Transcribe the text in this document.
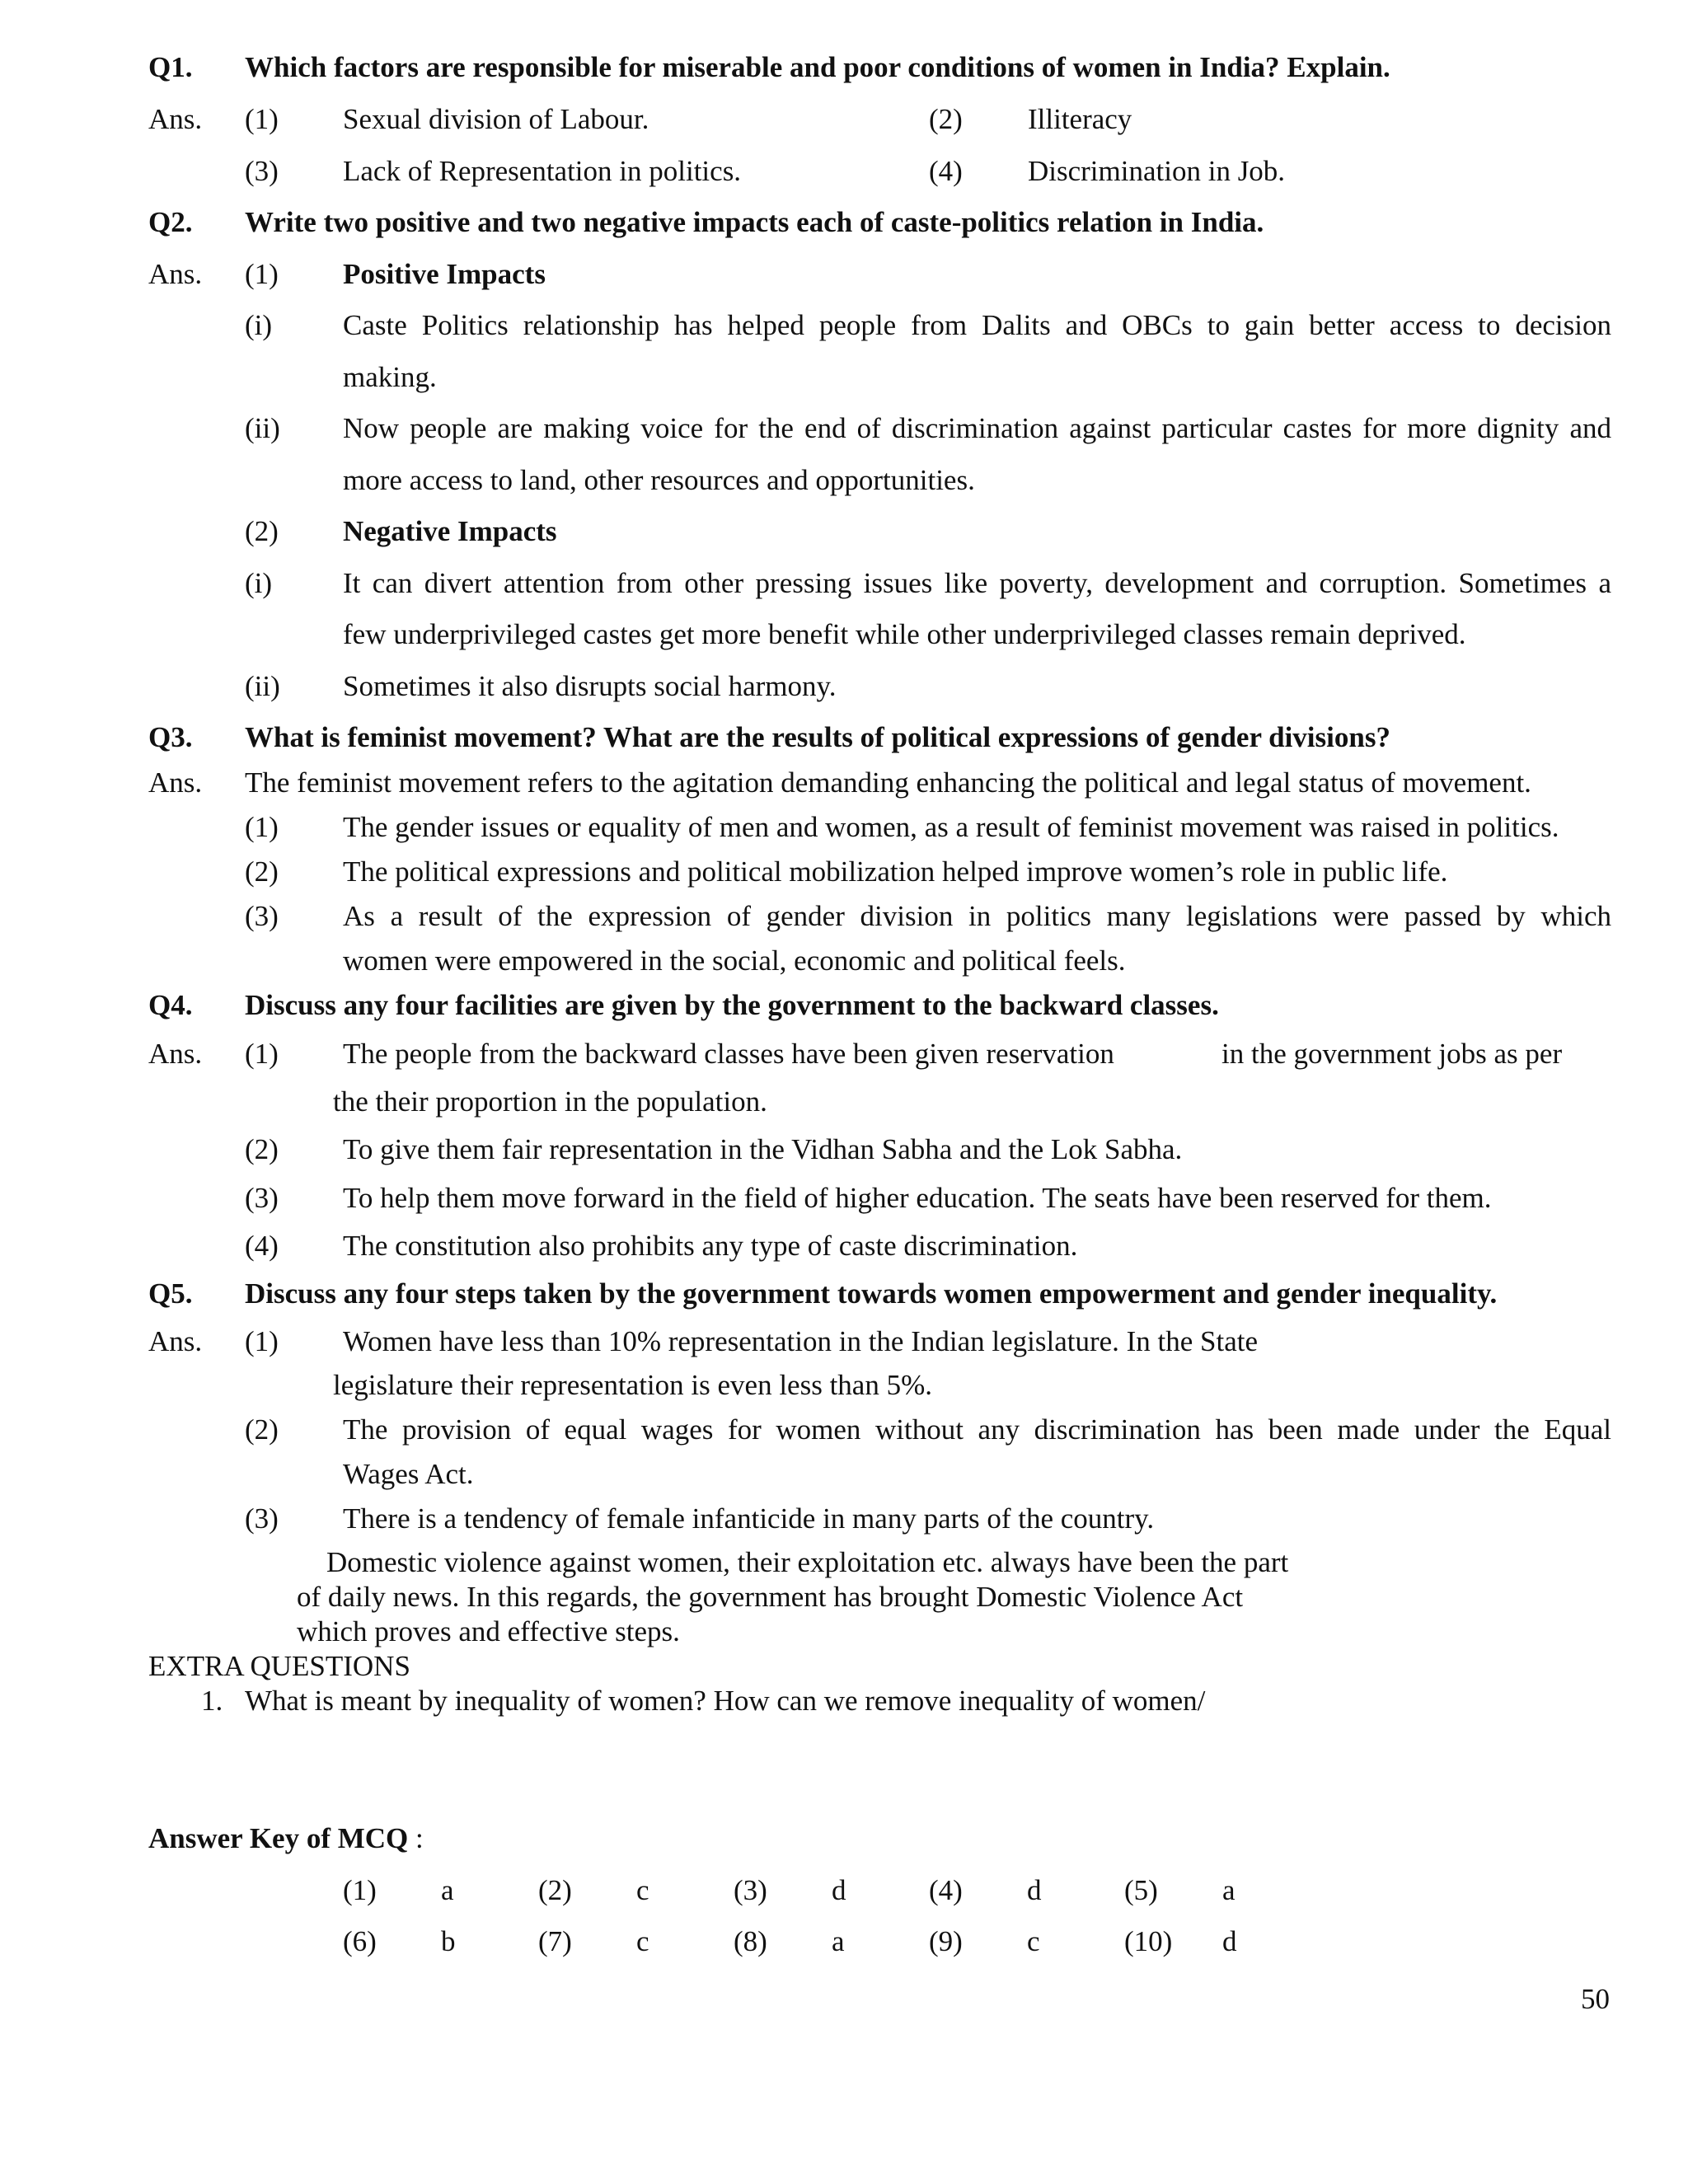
Q1. Which factors are responsible for miserable and poor conditions of women in India? Explain.
Ans. (1) Sexual division of Labour.	(2) Illiteracy
(3) Lack of Representation in politics.	(4) Discrimination in Job.
Q2. Write two positive and two negative impacts each of caste-politics relation in India.
Ans. (1) Positive Impacts
(i) Caste Politics relationship has helped people from Dalits and OBCs to gain better access to decision
making.
(ii) Now people are making voice for the end of discrimination against particular castes for more dignity and
more access to land, other resources and opportunities.
(2) Negative Impacts
(i) It can divert attention from other pressing issues like poverty, development and corruption. Sometimes a
few underprivileged castes get more benefit while other underprivileged classes remain deprived.
(ii) Sometimes it also disrupts social harmony.
Q3. What is feminist movement? What are the results of political expressions of gender divisions?
Ans. The feminist movement refers to the agitation demanding enhancing the political and legal status of movement.
(1) The gender issues or equality of men and women, as a result of feminist movement was raised in politics.
(2) The political expressions and political mobilization helped improve women’s role in public life.
(3) As a result of the expression of gender division in politics many legislations were passed by which
women were empowered in the social, economic and political feels.
Q4. Discuss any four facilities are given by the government to the backward classes.
Ans. (1) The people from the backward classes have been given reservation	in the government jobs as per
the their proportion in the population.
(2) To give them fair representation in the Vidhan Sabha and the Lok Sabha.
(3) To help them move forward in the field of higher education. The seats have been reserved for them.
(4) The constitution also prohibits any type of caste discrimination.
Q5. Discuss any four steps taken by the government towards women empowerment and gender inequality.
Ans. (1) Women have less than 10% representation in the Indian legislature. In the State
legislature their representation is even less than 5%.
(2) The provision of equal wages for women without any discrimination has been made under the Equal
Wages Act.
(3) There is a tendency of female infanticide in many parts of the country.
Domestic violence against women, their exploitation etc. always have been the part
of daily news. In this regards, the government has brought Domestic Violence Act
which proves and effective steps.
EXTRA QUESTIONS
1. What is meant by inequality of women? How can we remove inequality of women/
Answer Key of MCQ :
(1) a	(2) c	(3) d	(4) d	(5) a
(6) b	(7) c	(8) a	(9) c	(10) d
50
